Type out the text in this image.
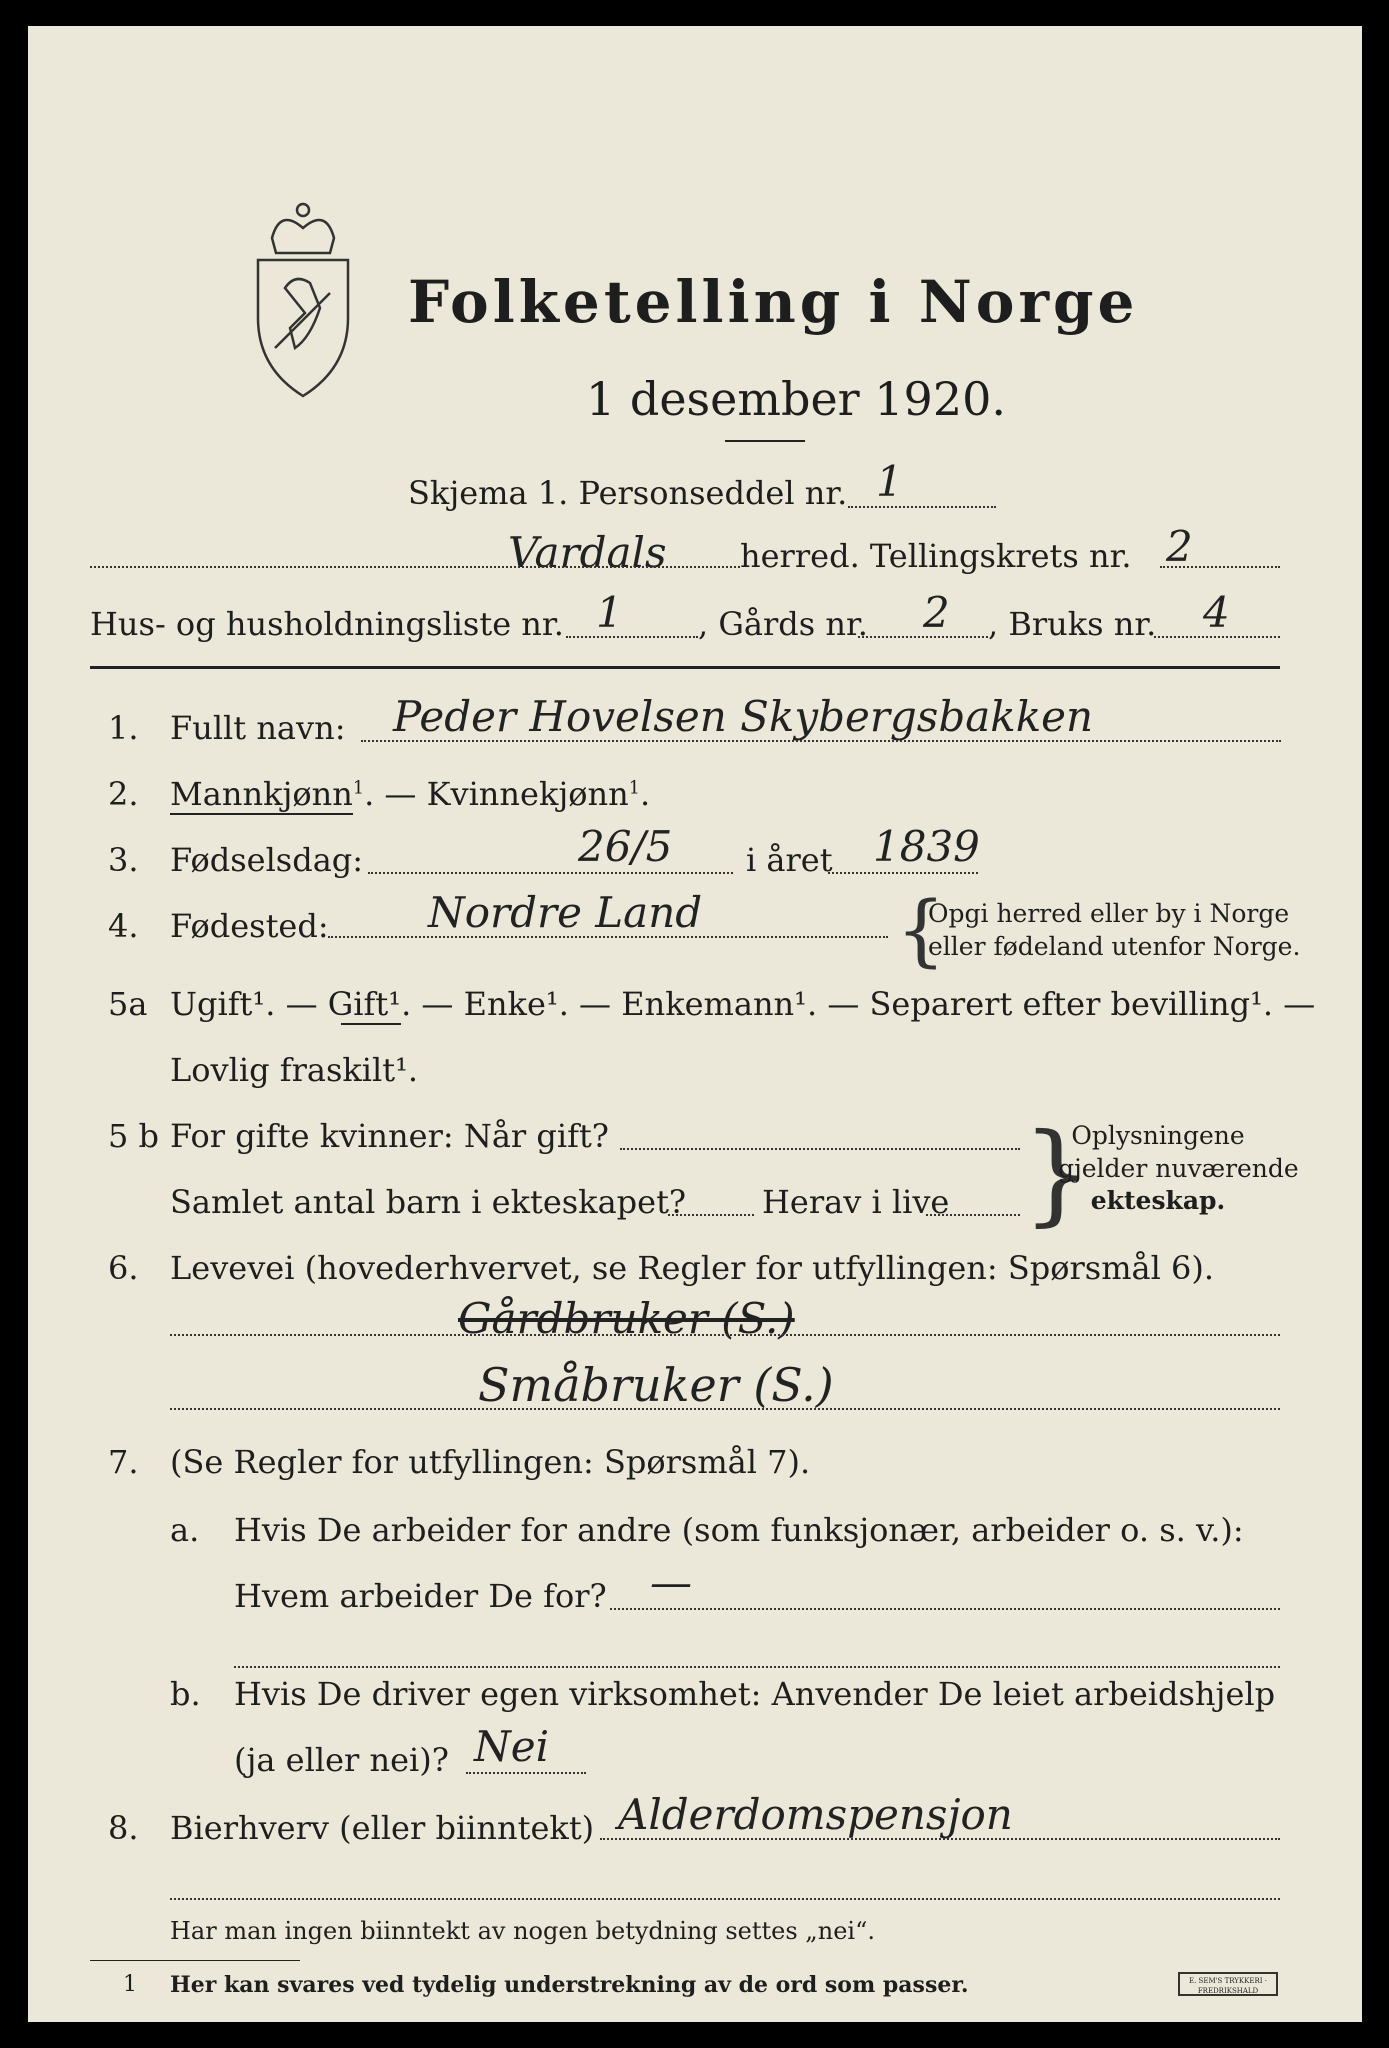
Folketelling i Norge
1 desember 1920.
Skjema 1. Personseddel nr. 1
Vardals herred. Tellingskrets nr. 2
Hus- og husholdningsliste nr. 1 , Gårds nr. 2 , Bruks nr. 4
1. Fullt navn: Peder Hovelsen Skybergsbakken
2. Mannkjønn$^1$. — Kvinnekjønn$^1$.
3. Fødselsdag:	26/5 i året 1839
4. Fødested: Nordre Land {
Opgi herred eller by i Norge
eller fødeland utenfor Norge.
5a Ugift¹. — Gift¹. — Enke¹. — Enkemann¹. — Separert efter bevilling¹. —
Lovlig fraskilt¹.
5 b For gifte kvinner: Når gift?
Samlet antal barn i ekteskapet? Herav i live }
Oplysningene
gjelder nuværende
ekteskap.
6. Levevei (hovederhvervet, se Regler for utfyllingen: Spørsmål 6).
Gårdbruker (S.)
Småbruker (S.)
7. (Se Regler for utfyllingen: Spørsmål 7).
a. Hvis De arbeider for andre (som funksjonær, arbeider o. s. v.):
Hvem arbeider De for? —
b. Hvis De driver egen virksomhet: Anvender De leiet arbeidshjelp
(ja eller nei)? Nei
8. Bierhverv (eller biinntekt) Alderdomspensjon
Har man ingen biinntekt av nogen betydning settes „nei“.
1 Her kan svares ved tydelig understrekning av de ord som passer.	E. SEM'S TRYKKERI · FREDRIKSHALD
